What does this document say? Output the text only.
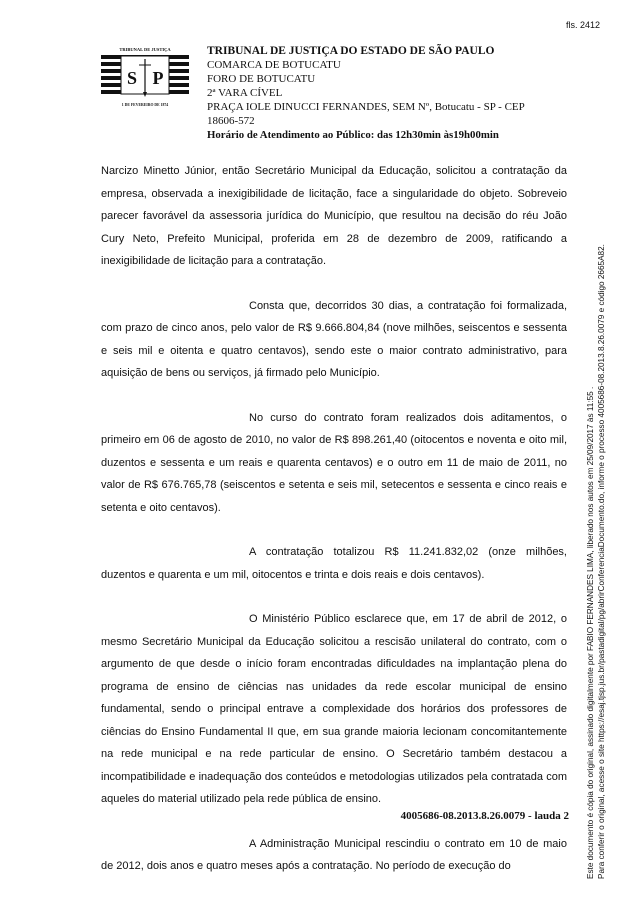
fls. 2412
TRIBUNAL DE JUSTIÇA
S P
1 DE FEVEREIRO DE 1874
TRIBUNAL DE JUSTIÇA DO ESTADO DE SÃO PAULO
COMARCA DE BOTUCATU
FORO DE BOTUCATU
2ª VARA CÍVEL
PRAÇA IOLE DINUCCI FERNANDES, SEM Nº, Botucatu - SP - CEP
18606-572
Horário de Atendimento ao Público: das 12h30min às19h00min

Narcizo Minetto Júnior, então Secretário Municipal da Educação, solicitou a contratação da empresa, observada a inexigibilidade de licitação, face a singularidade do objeto. Sobreveio parecer favorável da assessoria jurídica do Município, que resultou na decisão do réu João Cury Neto, Prefeito Municipal, proferida em 28 de dezembro de 2009, ratificando a inexigibilidade de licitação para a contratação.

Consta que, decorridos 30 dias, a contratação foi formalizada, com prazo de cinco anos, pelo valor de R$ 9.666.804,84 (nove milhões, seiscentos e sessenta e seis mil e oitenta e quatro centavos), sendo este o maior contrato administrativo, para aquisição de bens ou serviços, já firmado pelo Município.

No curso do contrato foram realizados dois aditamentos, o primeiro em 06 de agosto de 2010, no valor de R$ 898.261,40 (oitocentos e noventa e oito mil, duzentos e sessenta e um reais e quarenta centavos) e o outro em 11 de maio de 2011, no valor de R$ 676.765,78 (seiscentos e setenta e seis mil, setecentos e sessenta e cinco reais e setenta e oito centavos).

A contratação totalizou R$ 11.241.832,02 (onze milhões, duzentos e quarenta e um mil, oitocentos e trinta e dois reais e dois centavos).

O Ministério Público esclarece que, em 17 de abril de 2012, o mesmo Secretário Municipal da Educação solicitou a rescisão unilateral do contrato, com o argumento de que desde o início foram encontradas dificuldades na implantação plena do programa de ensino de ciências nas unidades da rede escolar municipal de ensino fundamental, sendo o principal entrave a complexidade dos horários dos professores de ciências do Ensino Fundamental II que, em sua grande maioria lecionam concomitantemente na rede municipal e na rede particular de ensino. O Secretário também destacou a incompatibilidade e inadequação dos conteúdos e metodologias utilizados pela contratada com aqueles do material utilizado pela rede pública de ensino.

A Administração Municipal rescindiu o contrato em 10 de maio de 2012, dois anos e quatro meses após a contratação. No período de execução do

4005686-08.2013.8.26.0079 - lauda 2 Este documento é cópia do original, assinado digitalmente por FABIO FERNANDES LIMA, liberado nos autos em 25/09/2017 às 11:55 . Para conferir o original, acesse o site https://esaj.tjsp.jus.br/pastadigital/pg/abrirConferenciaDocumento.do, informe o processo 4005686-08.2013.8.26.0079 e código 2665A82.
